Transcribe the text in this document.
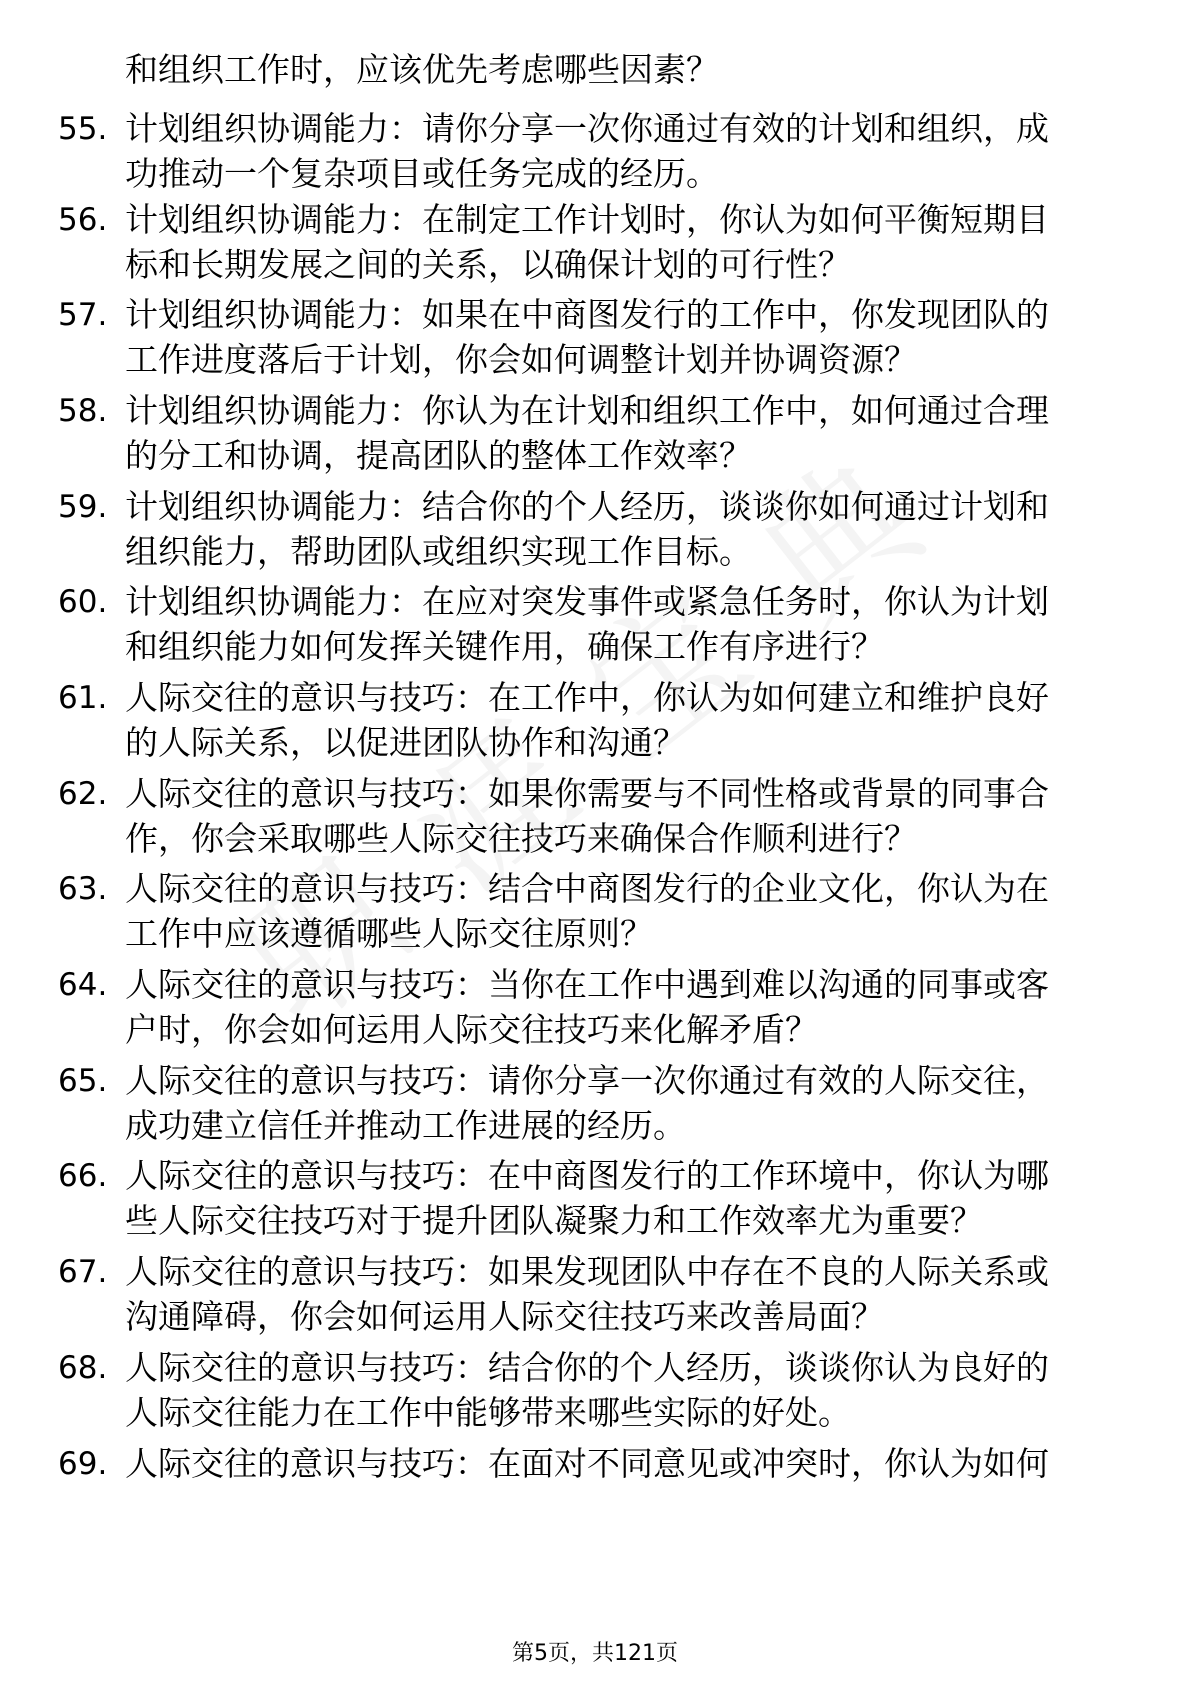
和组织工作时，应该优先考虑哪些因素？
55. 计划组织协调能力：请你分享一次你通过有效的计划和组织，成
功推动一个复杂项目或任务完成的经历。
56. 计划组织协调能力：在制定工作计划时，你认为如何平衡短期目
标和长期发展之间的关系，以确保计划的可行性？
57. 计划组织协调能力：如果在中商图发行的工作中，你发现团队的
工作进度落后于计划，你会如何调整计划并协调资源？
58. 计划组织协调能力：你认为在计划和组织工作中，如何通过合理
的分工和协调，提高团队的整体工作效率？
59. 计划组织协调能力：结合你的个人经历，谈谈你如何通过计划和
组织能力，帮助团队或组织实现工作目标。
60. 计划组织协调能力：在应对突发事件或紧急任务时，你认为计划
和组织能力如何发挥关键作用，确保工作有序进行？
61. 人际交往的意识与技巧：在工作中，你认为如何建立和维护良好
的人际关系，以促进团队协作和沟通？
62. 人际交往的意识与技巧：如果你需要与不同性格或背景的同事合
作，你会采取哪些人际交往技巧来确保合作顺利进行？
63. 人际交往的意识与技巧：结合中商图发行的企业文化，你认为在
工作中应该遵循哪些人际交往原则？
64. 人际交往的意识与技巧：当你在工作中遇到难以沟通的同事或客
户时，你会如何运用人际交往技巧来化解矛盾？
65. 人际交往的意识与技巧：请你分享一次你通过有效的人际交往，
成功建立信任并推动工作进展的经历。
66. 人际交往的意识与技巧：在中商图发行的工作环境中，你认为哪
些人际交往技巧对于提升团队凝聚力和工作效率尤为重要？
67. 人际交往的意识与技巧：如果发现团队中存在不良的人际关系或
沟通障碍，你会如何运用人际交往技巧来改善局面？
68. 人际交往的意识与技巧：结合你的个人经历，谈谈你认为良好的
人际交往能力在工作中能够带来哪些实际的好处。
69. 人际交往的意识与技巧：在面对不同意见或冲突时，你认为如何
第5页，共121页
